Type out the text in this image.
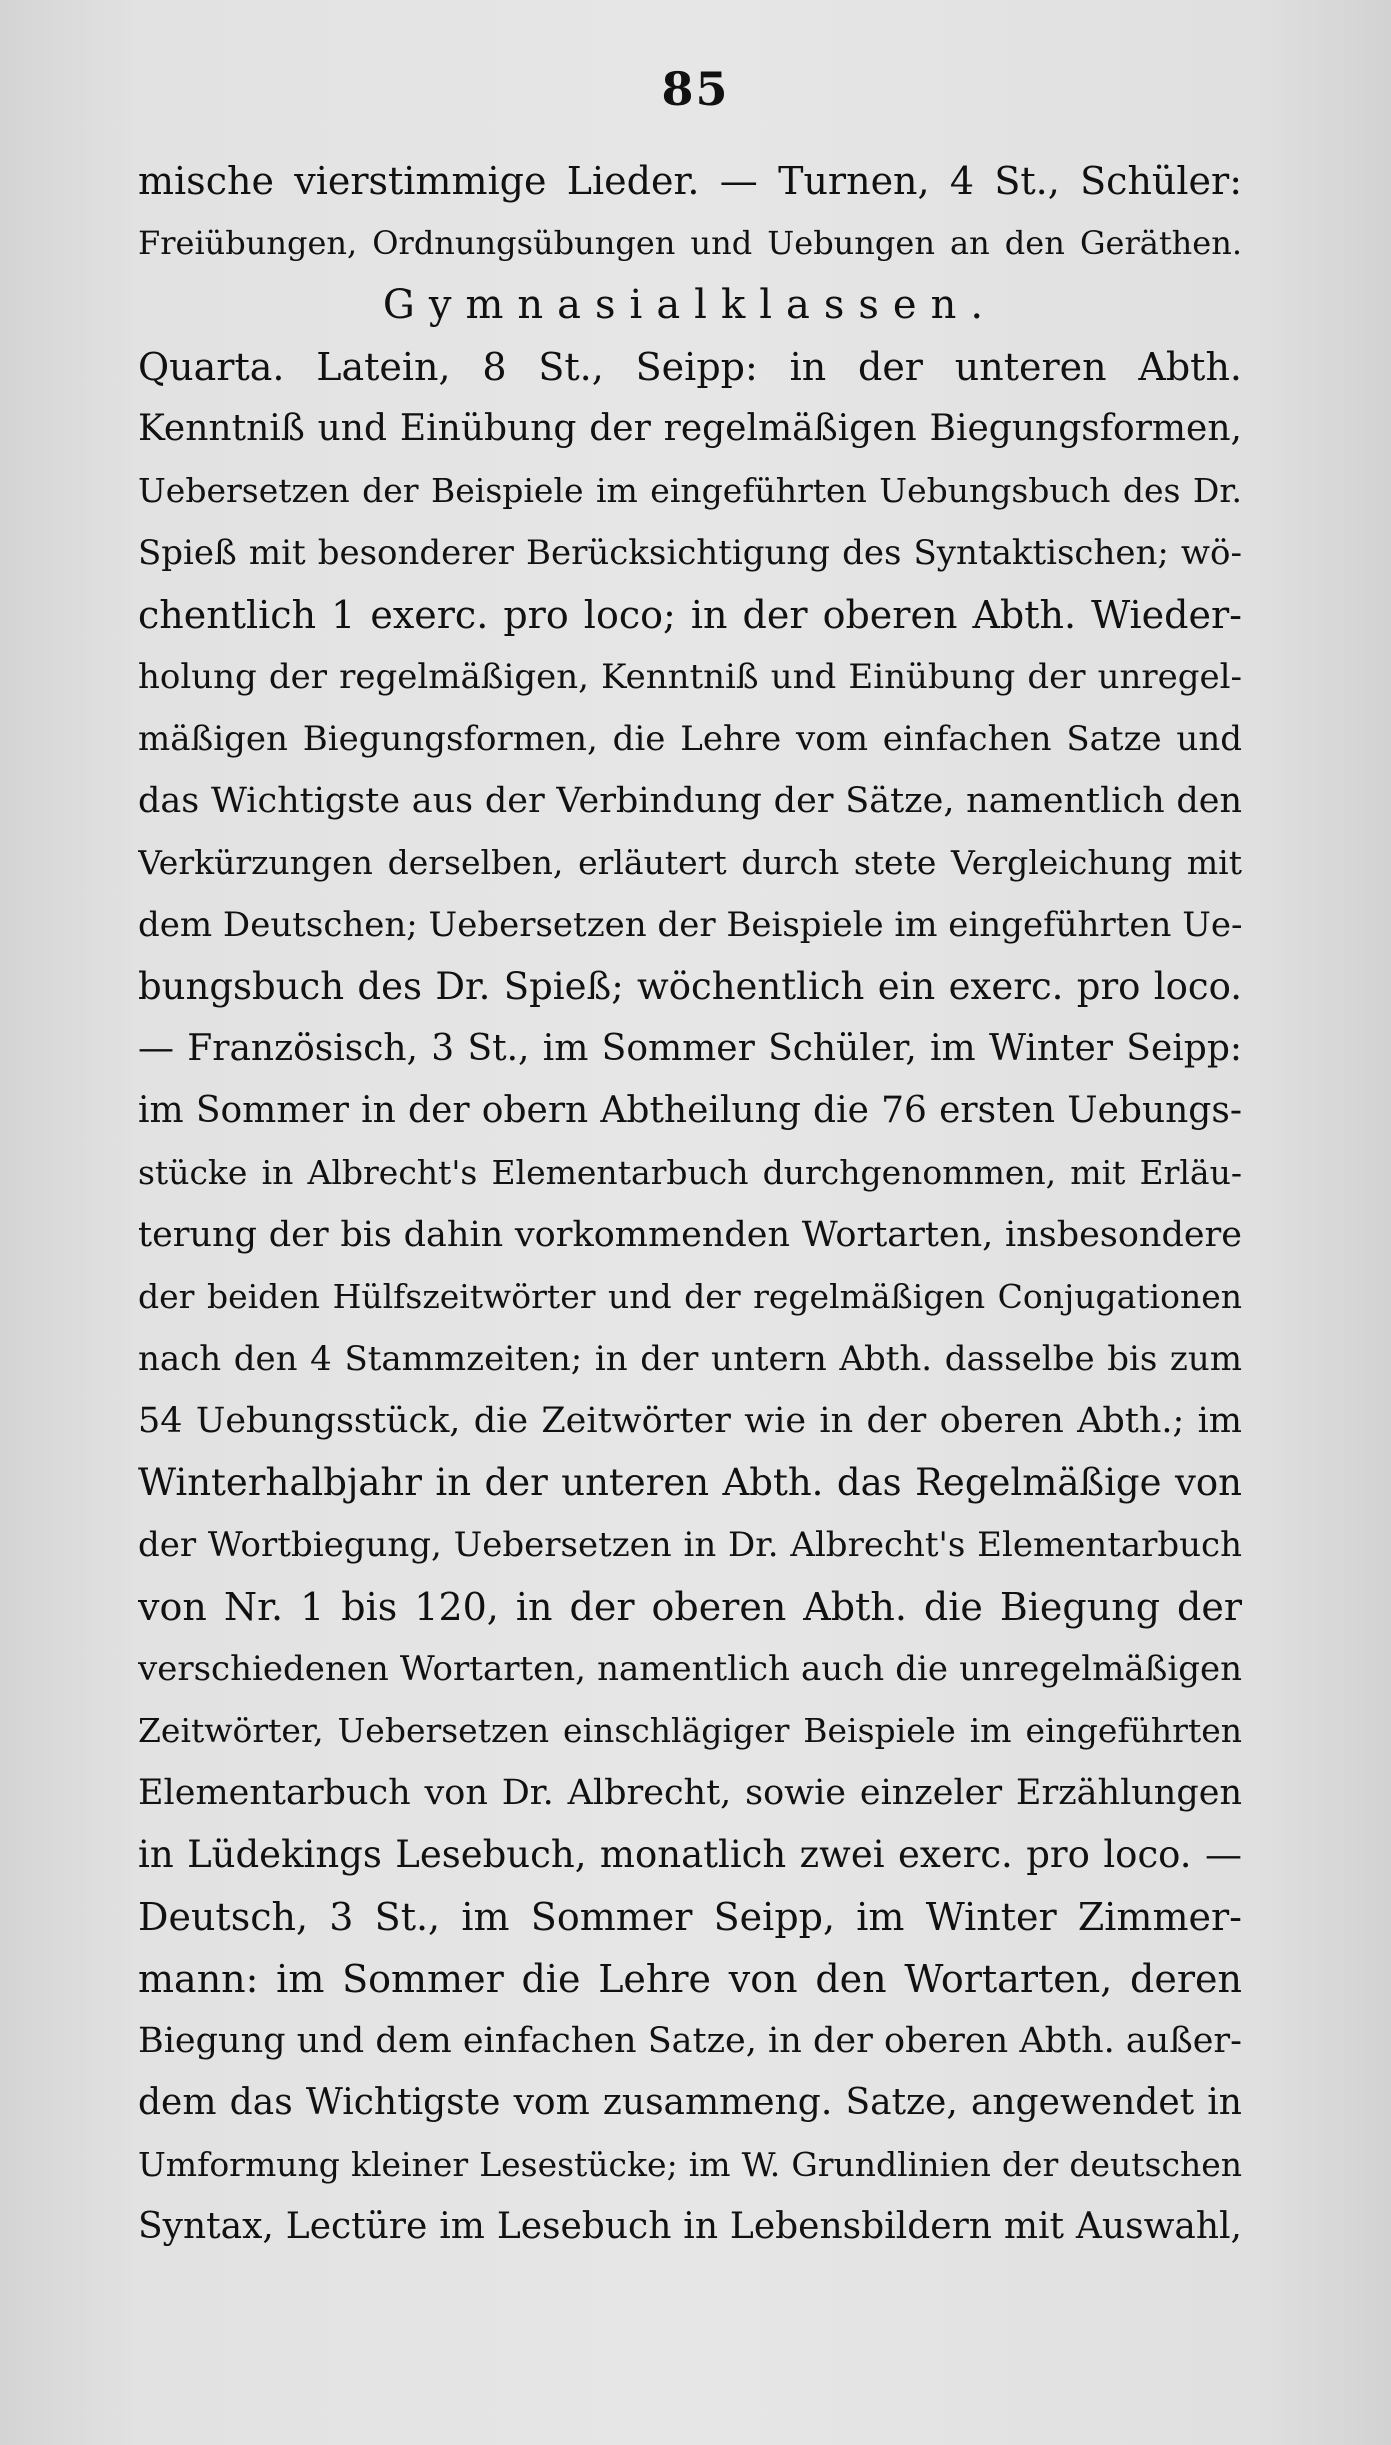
85
mische vierstimmige Lieder. — Turnen, 4 St., Schüler:
Freiübungen, Ordnungsübungen und Uebungen an den Geräthen.
Gymnasialklassen.
Quarta. Latein, 8 St., Seipp: in der unteren Abth.
Kenntniß und Einübung der regelmäßigen Biegungsformen,
Uebersetzen der Beispiele im eingeführten Uebungsbuch des Dr.
Spieß mit besonderer Berücksichtigung des Syntaktischen; wö-
chentlich 1 exerc. pro loco; in der oberen Abth. Wieder-
holung der regelmäßigen, Kenntniß und Einübung der unregel-
mäßigen Biegungsformen, die Lehre vom einfachen Satze und
das Wichtigste aus der Verbindung der Sätze, namentlich den
Verkürzungen derselben, erläutert durch stete Vergleichung mit
dem Deutschen; Uebersetzen der Beispiele im eingeführten Ue-
bungsbuch des Dr. Spieß; wöchentlich ein exerc. pro loco.
— Französisch, 3 St., im Sommer Schüler, im Winter Seipp:
im Sommer in der obern Abtheilung die 76 ersten Uebungs-
stücke in Albrecht's Elementarbuch durchgenommen, mit Erläu-
terung der bis dahin vorkommenden Wortarten, insbesondere
der beiden Hülfszeitwörter und der regelmäßigen Conjugationen
nach den 4 Stammzeiten; in der untern Abth. dasselbe bis zum
54 Uebungsstück, die Zeitwörter wie in der oberen Abth.; im
Winterhalbjahr in der unteren Abth. das Regelmäßige von
der Wortbiegung, Uebersetzen in Dr. Albrecht's Elementarbuch
von Nr. 1 bis 120, in der oberen Abth. die Biegung der
verschiedenen Wortarten, namentlich auch die unregelmäßigen
Zeitwörter, Uebersetzen einschlägiger Beispiele im eingeführten
Elementarbuch von Dr. Albrecht, sowie einzeler Erzählungen
in Lüdekings Lesebuch, monatlich zwei exerc. pro loco. —
Deutsch, 3 St., im Sommer Seipp, im Winter Zimmer-
mann: im Sommer die Lehre von den Wortarten, deren
Biegung und dem einfachen Satze, in der oberen Abth. außer-
dem das Wichtigste vom zusammeng. Satze, angewendet in
Umformung kleiner Lesestücke; im W. Grundlinien der deutschen
Syntax, Lectüre im Lesebuch in Lebensbildern mit Auswahl,
